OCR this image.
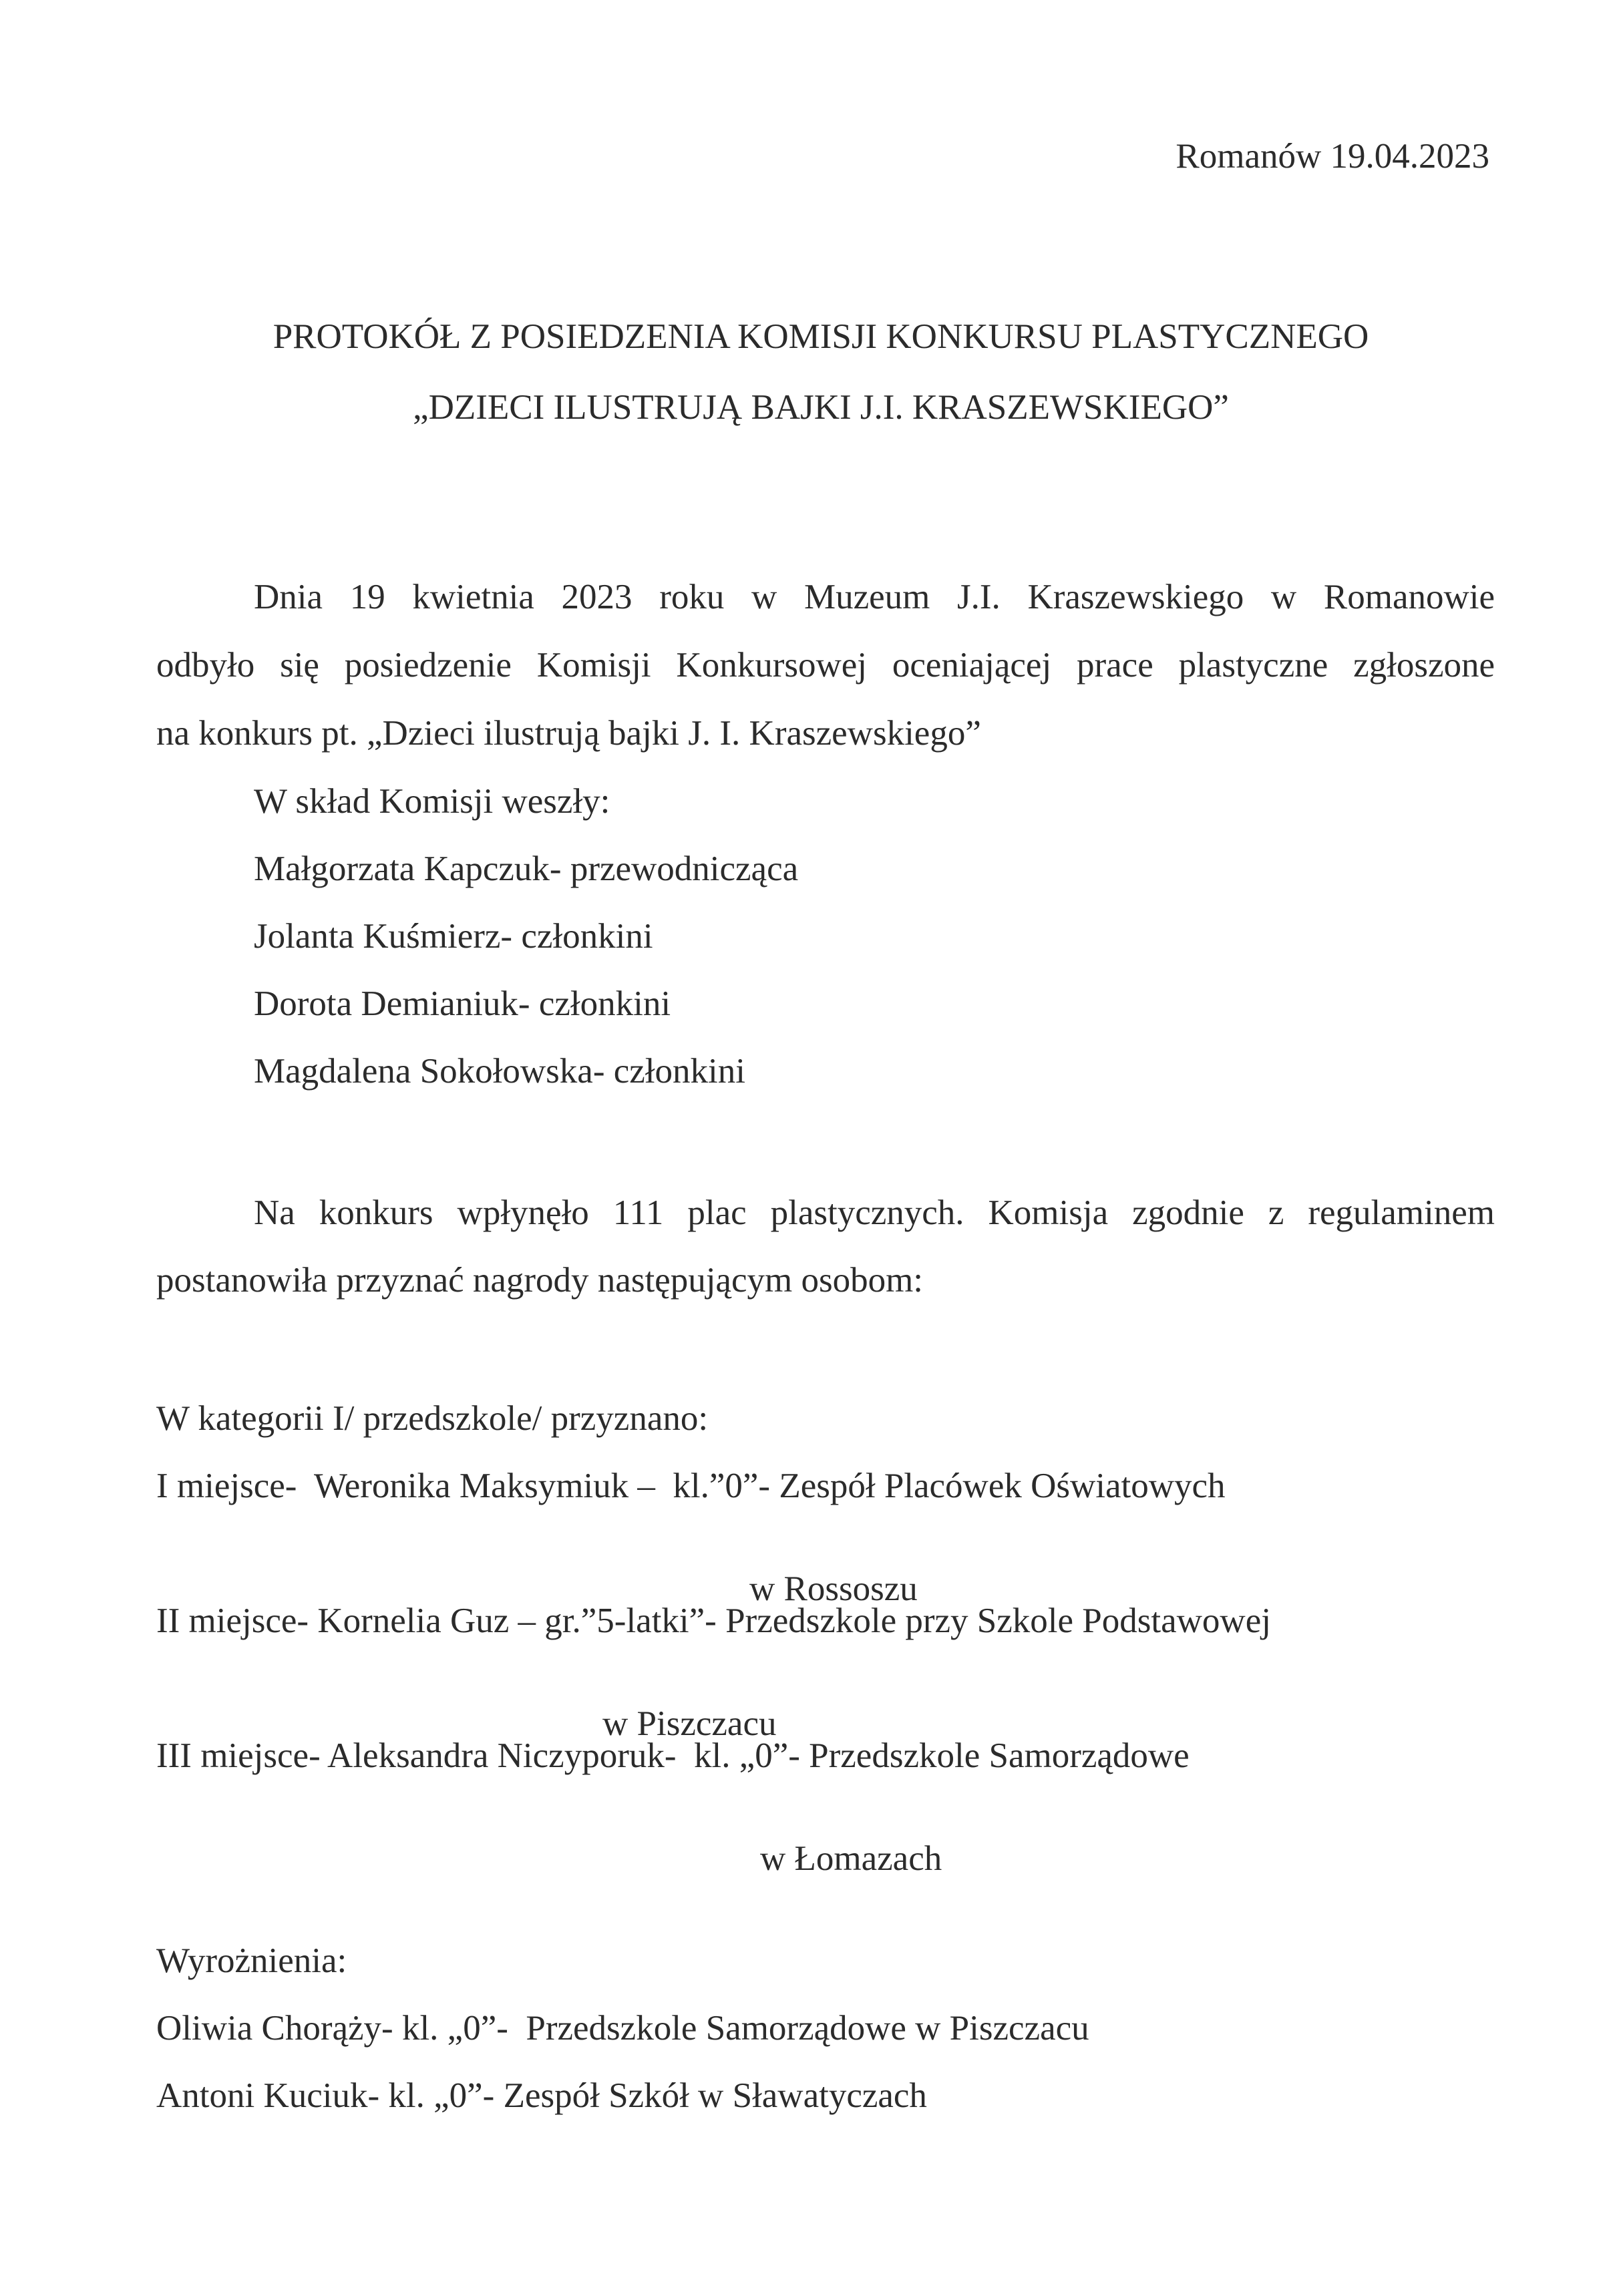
Romanów 19.04.2023
PROTOKÓŁ Z POSIEDZENIA KOMISJI KONKURSU PLASTYCZNEGO
„DZIECI ILUSTRUJĄ BAJKI J.I. KRASZEWSKIEGO”
Dnia 19 kwietnia 2023 roku w Muzeum J.I. Kraszewskiego w Romanowie
odbyło się posiedzenie Komisji Konkursowej oceniającej prace plastyczne zgłoszone
na konkurs pt. „Dzieci ilustrują bajki J. I. Kraszewskiego”
W skład Komisji weszły:
Małgorzata Kapczuk- przewodnicząca
Jolanta Kuśmierz- członkini
Dorota Demianiuk- członkini
Magdalena Sokołowska- członkini
Na konkurs wpłynęło 111 plac plastycznych. Komisja zgodnie z regulaminem
postanowiła przyznać nagrody następującym osobom:
W kategorii I/ przedszkole/ przyznano:
I miejsce-  Weronika Maksymiuk –  kl.”0”- Zespół Placówek Oświatowych

w Rossoszu

II miejsce- Kornelia Guz – gr.”5-latki”- Przedszkole przy Szkole Podstawowej

w Piszczacu

III miejsce- Aleksandra Niczyporuk-  kl. „0”- Przedszkole Samorządowe

w Łomazach

Wyrożnienia:
Oliwia Chorąży- kl. „0”-  Przedszkole Samorządowe w Piszczacu
Antoni Kuciuk- kl. „0”- Zespół Szkół w Sławatyczach
